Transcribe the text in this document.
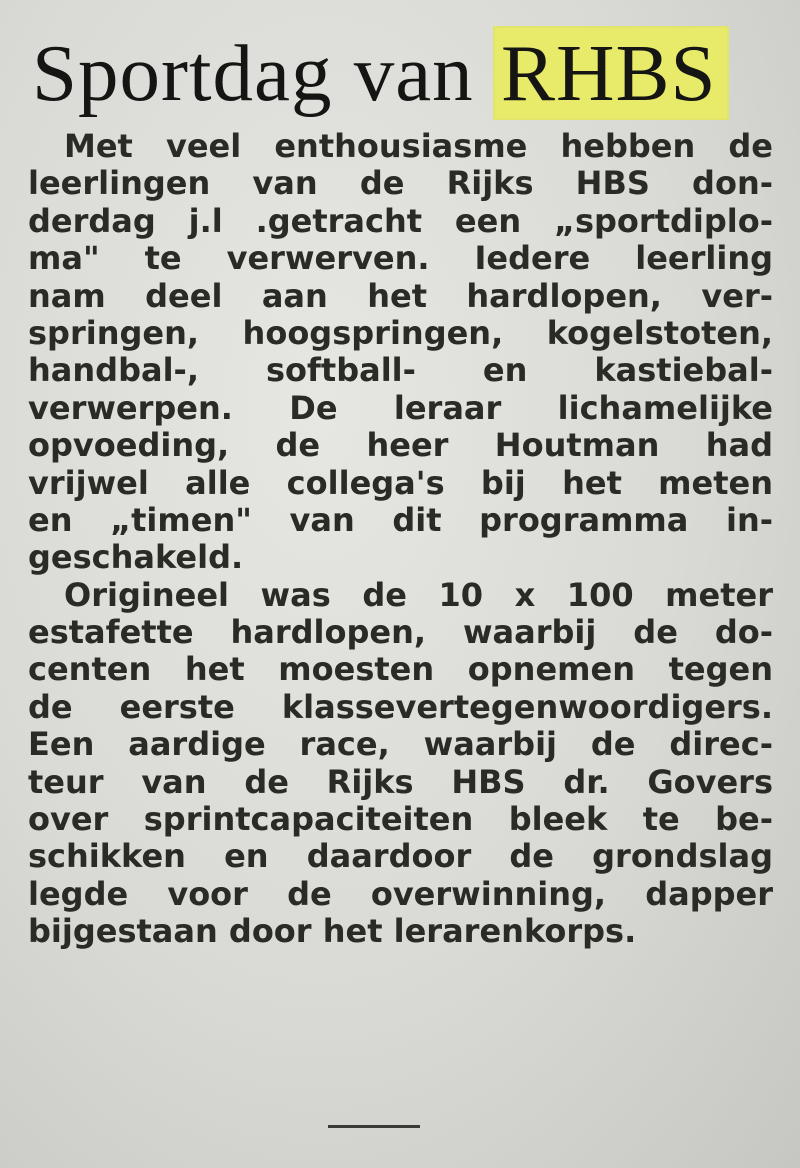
Sportdag van RHBS

Met veel enthousiasme hebben de
leerlingen van de Rijks HBS don-
derdag j.l .getracht een „sportdiplo-
ma" te verwerven. Iedere leerling
nam deel aan het hardlopen, ver-
springen, hoogspringen, kogelstoten,
handbal-, softball- en kastiebal-
verwerpen. De leraar lichamelijke
opvoeding, de heer Houtman had
vrijwel alle collega's bij het meten
en „timen" van dit programma in-
geschakeld.

Origineel was de 10 x 100 meter
estafette hardlopen, waarbij de do-
centen het moesten opnemen tegen
de eerste klassevertegenwoordigers.
Een aardige race, waarbij de direc-
teur van de Rijks HBS dr. Govers
over sprintcapaciteiten bleek te be-
schikken en daardoor de grondslag
legde voor de overwinning, dapper
bijgestaan door het lerarenkorps.
